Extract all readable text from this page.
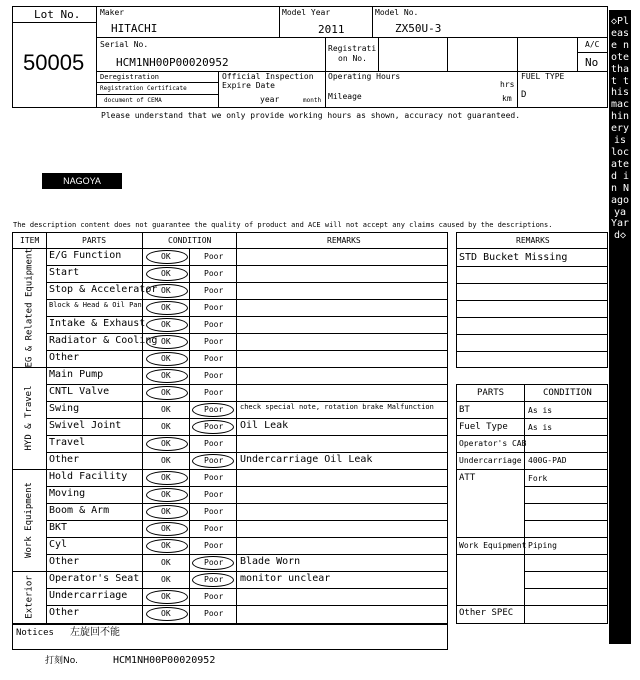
Lot No.
50005
Maker
HITACHI
Model Year
2011
Model No.
ZX50U-3
Serial No.
HCM1NH00P00020952
Registrati
on No.
A/C
No
Deregistration
Registration Certificate
document of CEMA
Official Inspection
Expire Date
year	month
Operating Hours
hrs
Mileage	km
FUEL TYPE
D
Please understand that we only provide working hours as shown, accuracy not guaranteed.
NAGOYA
◇Please note that this machinery is located in Nagoya Yard◇
The description content does not guarantee the quality of product and ACE will not accept any claims caused by the descriptions.
ITEM	PARTS	CONDITION	REMARKS
E/G Function	OK	Poor
Start	OK	Poor
Stop & Accelerator OK	Poor
Block & Head & Oil Pan OK	Poor
Intake & Exhaust OK	Poor
Radiator & Cooling OK	Poor
Other	OK	Poor
EG & Related Equipment
Main Pump	OK	Poor
CNTL Valve	OK	Poor
Swing	OK	Poor check special note, rotation brake Malfunction
Swivel Joint	OK	Poor Oil Leak
Travel	OK	Poor
Other	OK	Poor Undercarriage Oil Leak
HYD & Travel
Hold Facility	OK	Poor
Moving	OK	Poor
Boom & Arm	OK	Poor
BKT	OK	Poor
Cyl	OK	Poor
Other	OK	Poor Blade Worn
Work Equipment
Operator's Seat	OK	Poor monitor unclear
Undercarriage	OK	Poor
Other	OK	Poor
Exterior
REMARKS
STD Bucket Missing
PARTS	CONDITION
BT	As is
Fuel Type	As is
Operator's CAB
Undercarriage 400G-PAD
ATT	Fork
Work Equipment Piping
Other SPEC
Notices 左旋回不能
打刻No.	HCM1NH00P00020952
